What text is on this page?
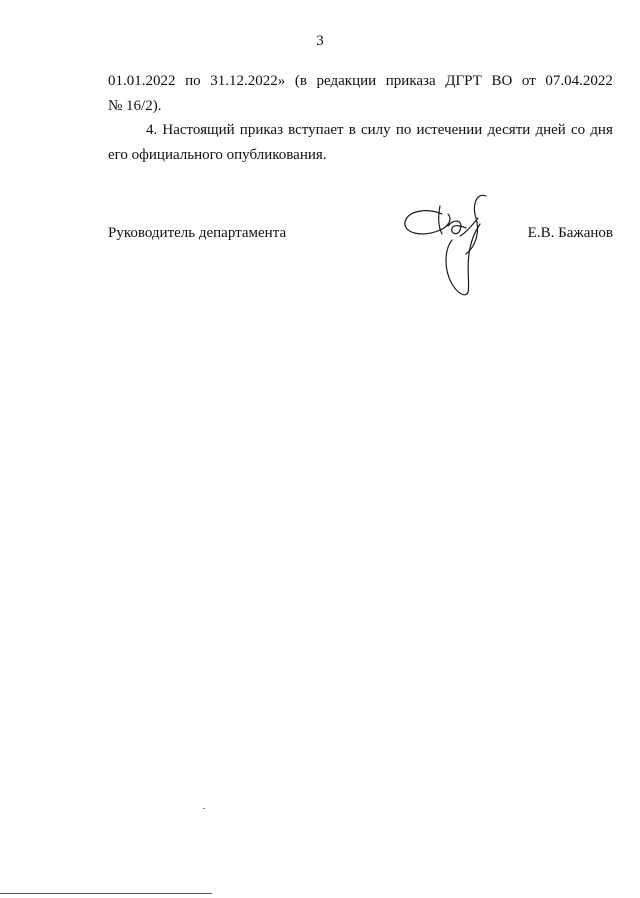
3
01.01.2022 по 31.12.2022» (в редакции приказа ДГРТ ВО от 07.04.2022
№ 16/2).
4. Настоящий приказ вступает в силу по истечении десяти дней со дня
его официального опубликования.
Руководитель департамента	Е.В. Бажанов
